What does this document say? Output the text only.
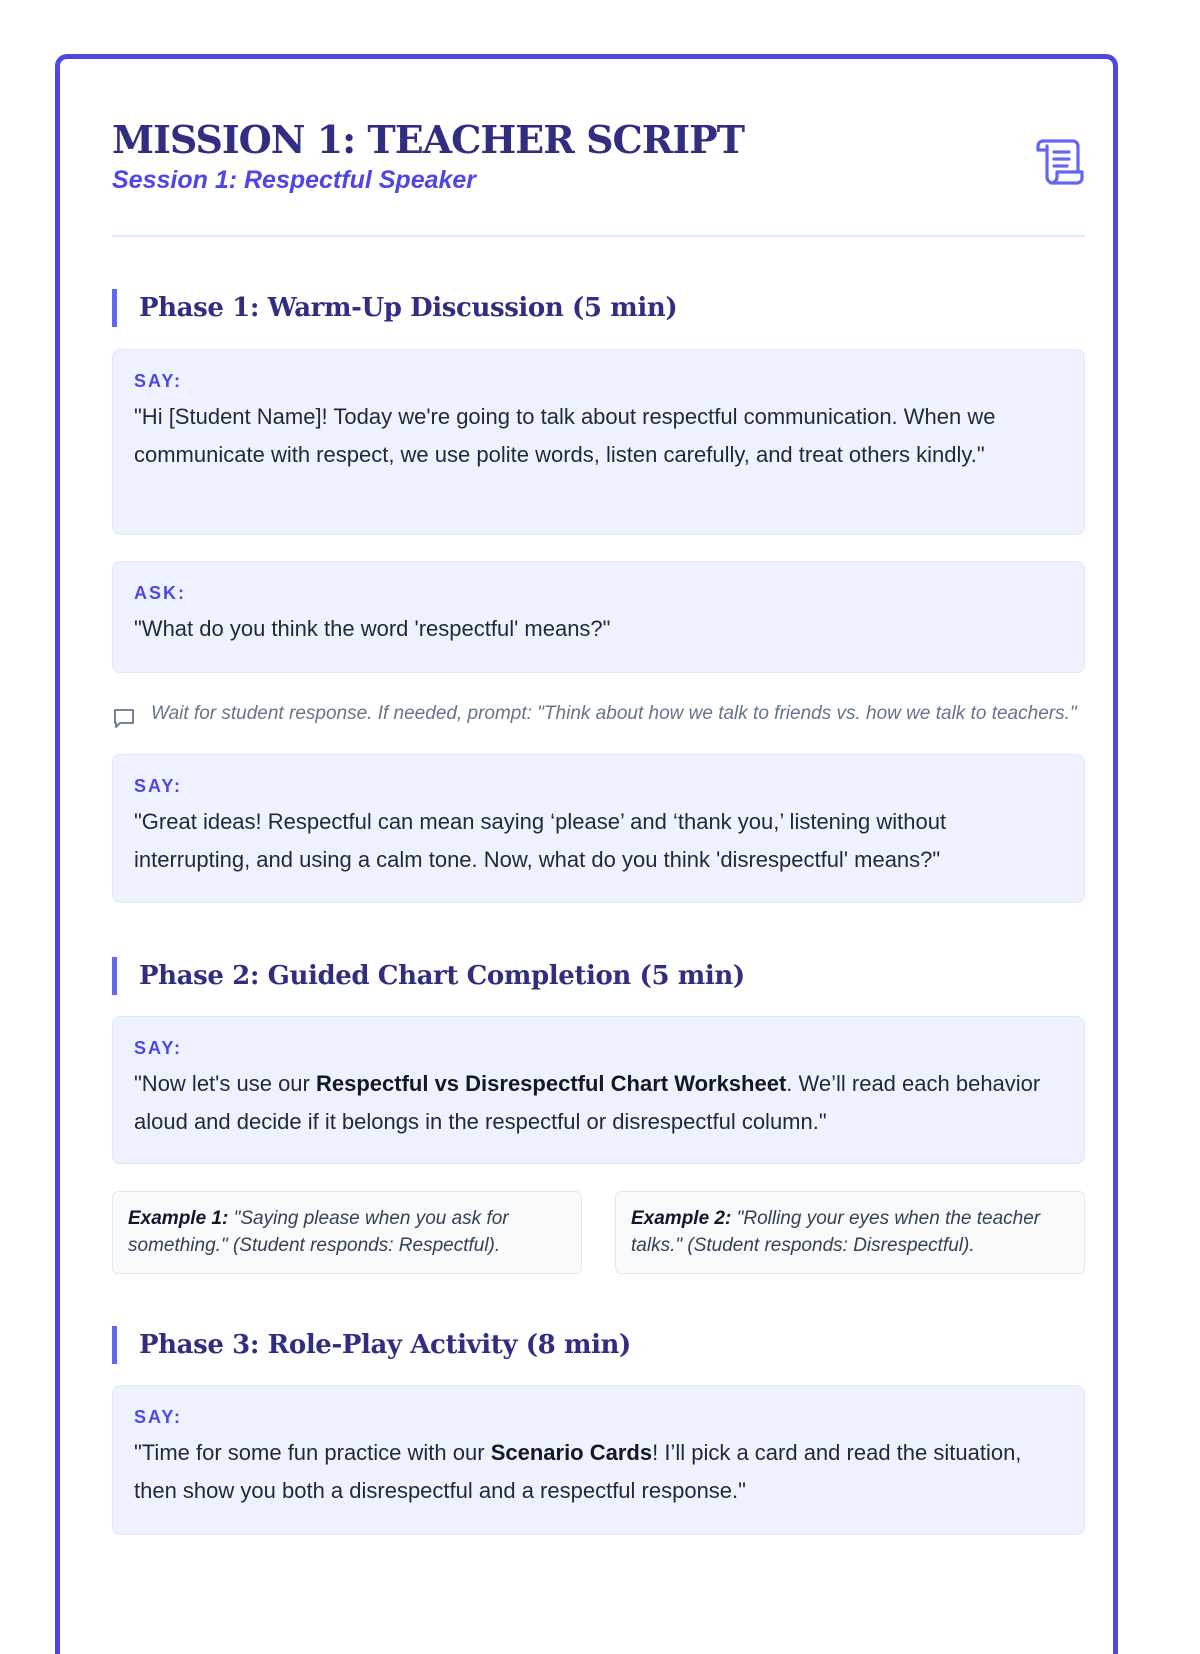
MISSION 1: TEACHER SCRIPT
Session 1: Respectful Speaker
Phase 1: Warm-Up Discussion (5 min)
SAY:
"Hi [Student Name]! Today we're going to talk about respectful communication. When we communicate with respect, we use polite words, listen carefully, and treat others kindly."
ASK:
"What do you think the word 'respectful' means?"
Wait for student response. If needed, prompt: "Think about how we talk to friends vs. how we talk to teachers."
SAY:
"Great ideas! Respectful can mean saying ‘please’ and ‘thank you,’ listening without interrupting, and using a calm tone. Now, what do you think 'disrespectful' means?"
Phase 2: Guided Chart Completion (5 min)
SAY:
"Now let's use our Respectful vs Disrespectful Chart Worksheet. We’ll read each behavior aloud and decide if it belongs in the respectful or disrespectful column."
Example 1: "Saying please when you ask for something." (Student responds: Respectful).
Example 2: "Rolling your eyes when the teacher talks." (Student responds: Disrespectful).
Phase 3: Role-Play Activity (8 min)
SAY:
"Time for some fun practice with our Scenario Cards! I’ll pick a card and read the situation, then show you both a disrespectful and a respectful response."
